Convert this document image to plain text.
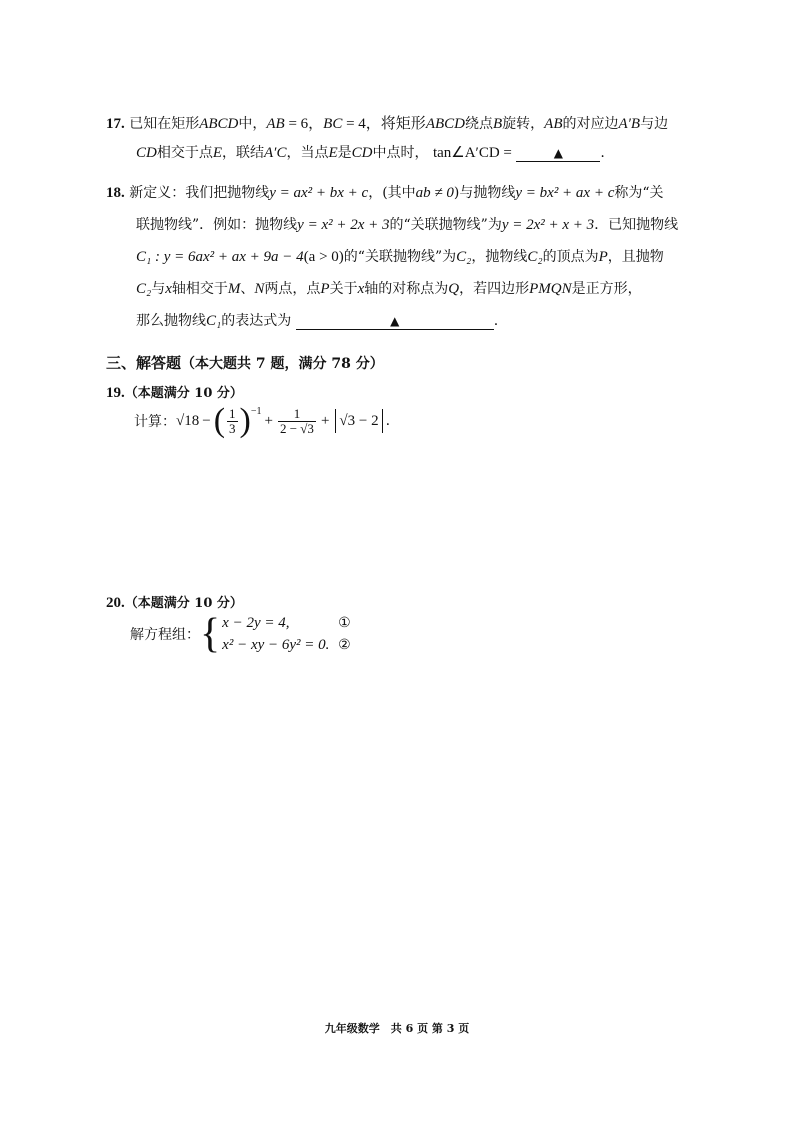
17. 已知在矩形ABCD中，AB = 6，BC = 4，将矩形ABCD绕点B旋转，AB的对应边A′B与边
CD相交于点E，联结A′C，当点E是CD中点时， tan∠A′CD =	▲	.
18. 新定义：我们把抛物线y = ax² + bx + c，(其中ab ≠ 0)与抛物线y = bx² + ax + c称为“关
联抛物线”．例如：抛物线y = x² + 2x + 3的“关联抛物线”为y = 2x² + x + 3．已知抛物线
C₁ : y = 6ax² + ax + 9a − 4(a > 0)的“关联抛物线”为C₂，抛物线C₂的顶点为P，且抛物
C₂与x轴相交于M、N两点，点P关于x轴的对称点为Q，若四边形PMQN是正方形，
那么抛物线C₁的表达式为	▲	.
三、解答题（本大题共 7 题，满分 78 分）
19.（本题满分 10 分）
计算： √18 − ( $\frac{1}{3}$ ) −1
+ $\frac{1}{2 - √3} + √3 - 2$ .
20.（本题满分 10 分）
解方程组： { x − 2y = 4,	①
x² − xy − 6y² = 0. ②
九年级数学　共 6 页 第 3 页
